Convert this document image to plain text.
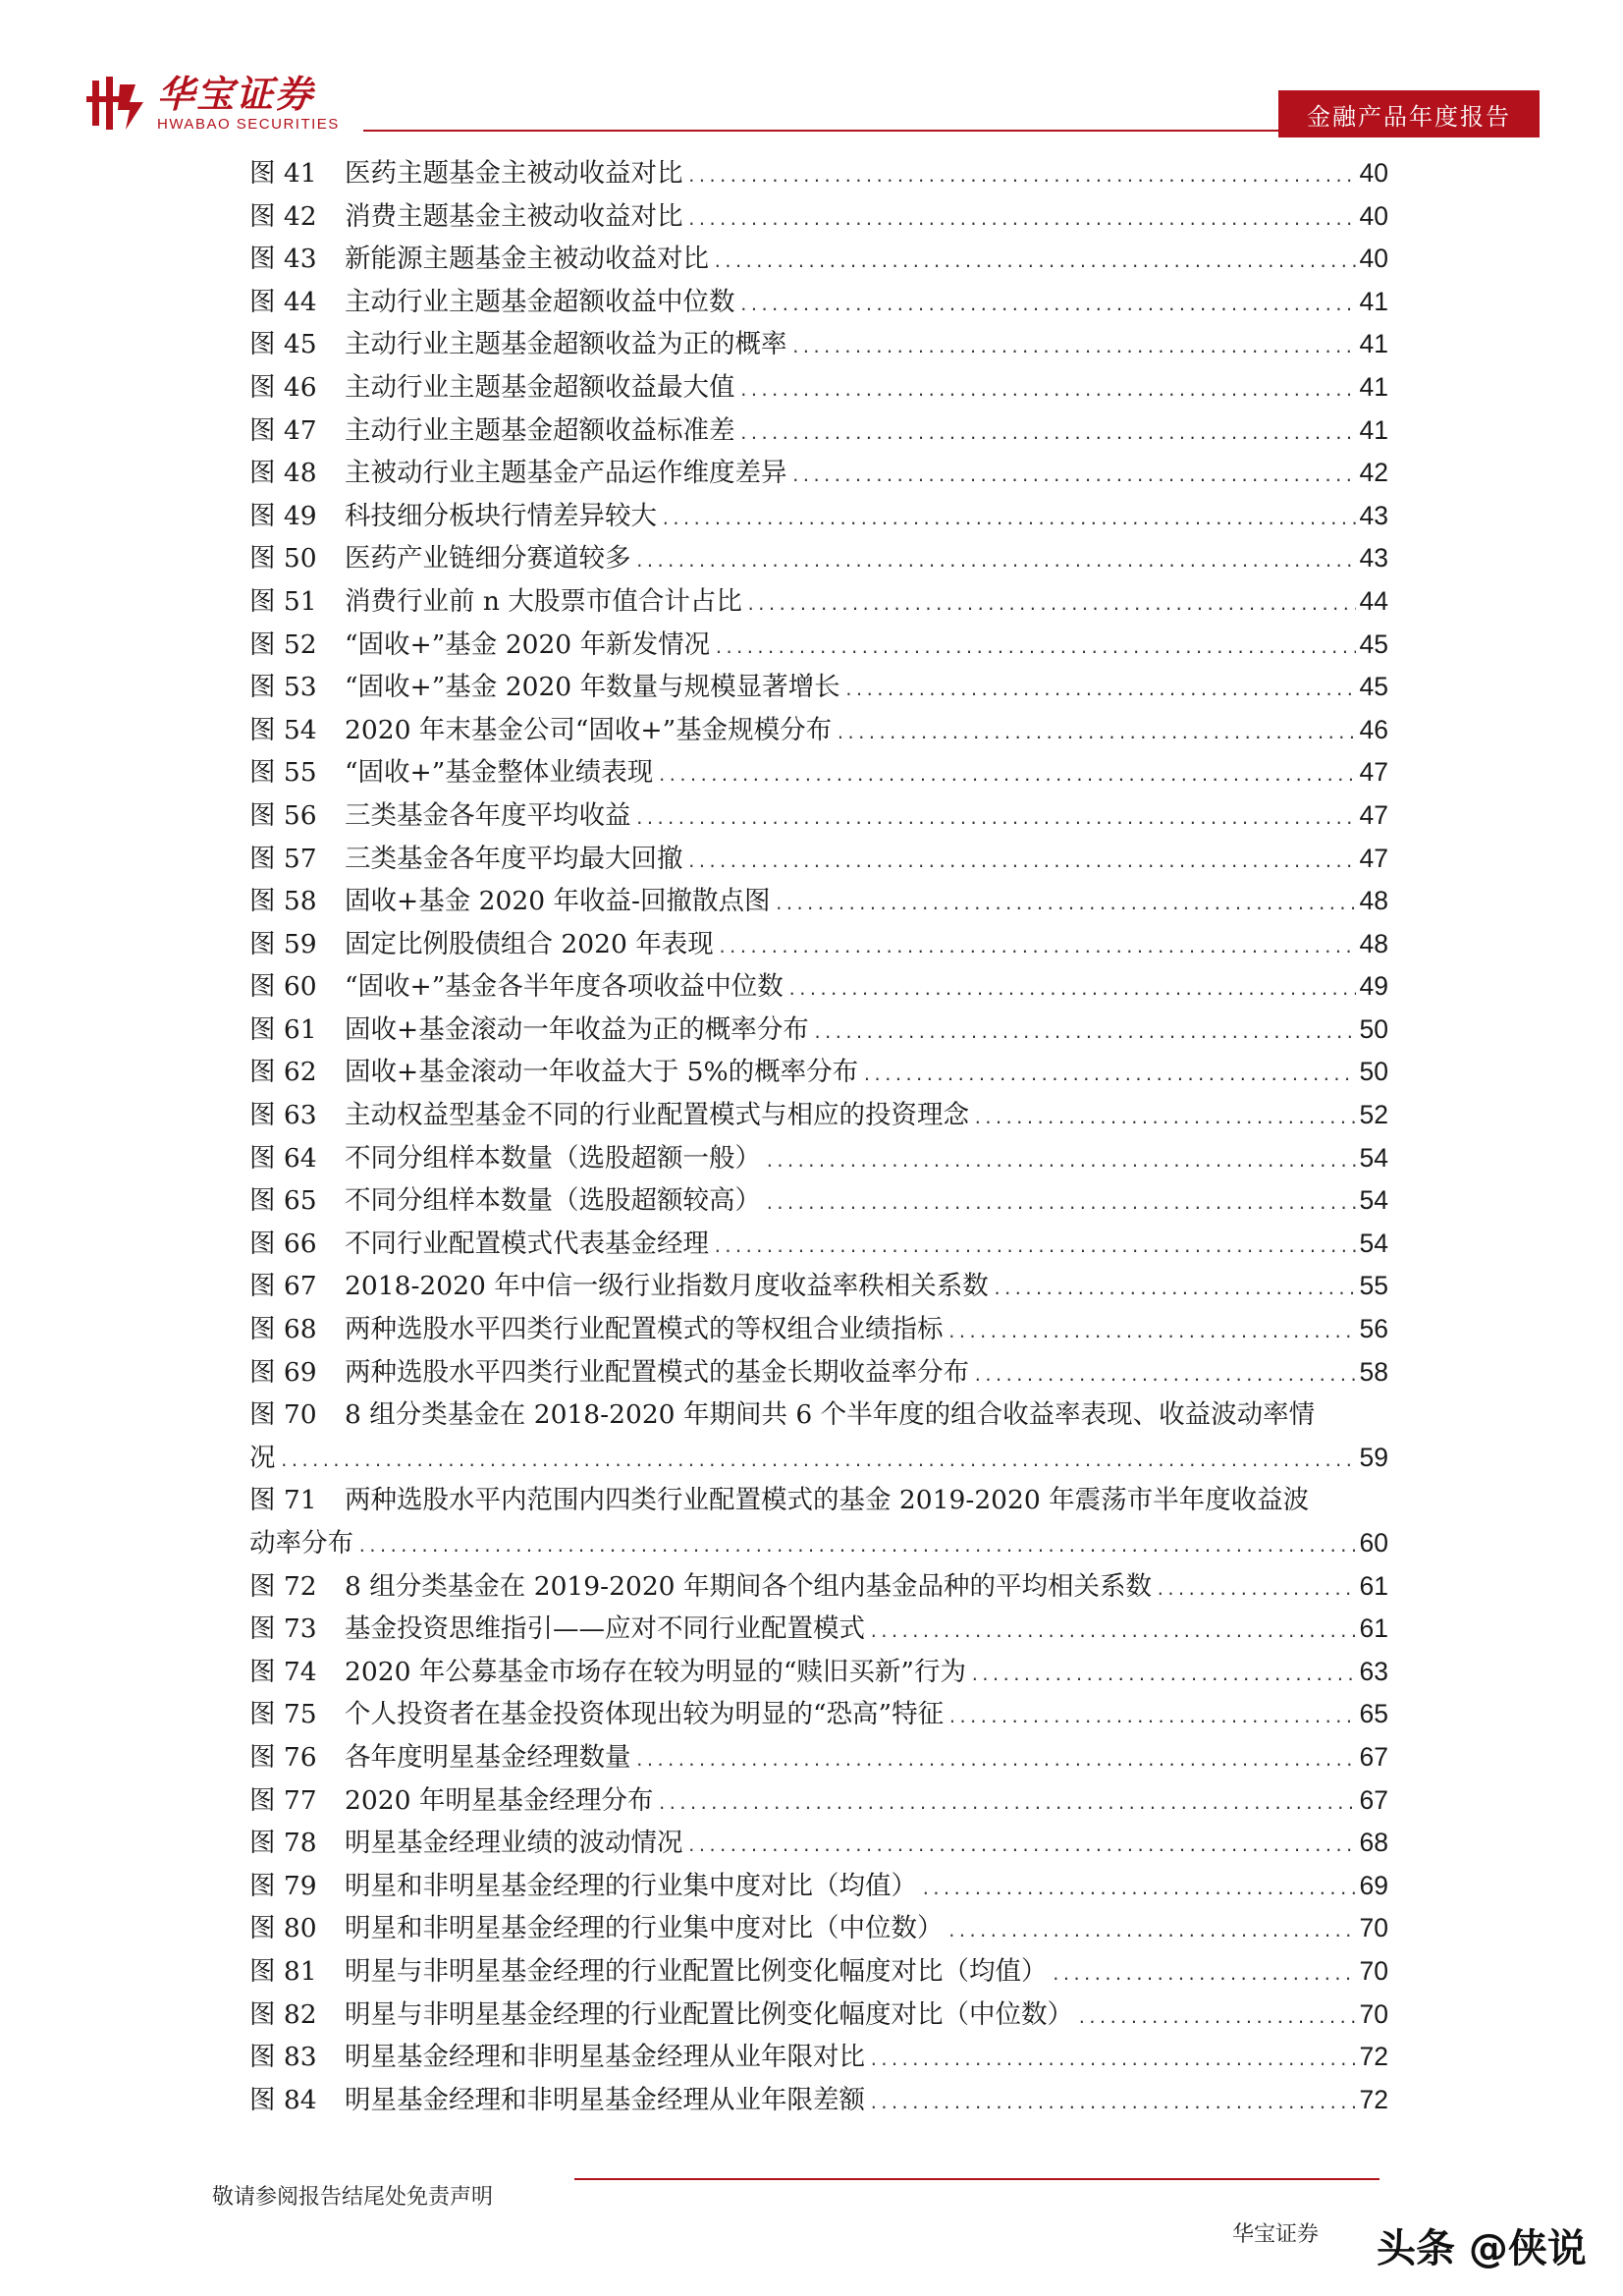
华宝证券
HWABAO SECURITIES	金融产品年度报告
图 41	医药主题基金主被动收益对比 .....	40
图 42	消费主题基金主被动收益对比 .....	40
图 43	新能源主题基金主被动收益对比 .....	40
图 44	主动行业主题基金超额收益中位数 .....	41
图 45	主动行业主题基金超额收益为正的概率 .....	41
图 46	主动行业主题基金超额收益最大值 .....	41
图 47	主动行业主题基金超额收益标准差 .....	41
图 48	主被动行业主题基金产品运作维度差异 .....	42
图 49	科技细分板块行情差异较大 .....	43
图 50	医药产业链细分赛道较多 .....	43
图 51	消费行业前 n 大股票市值合计占比 .....	44
图 52	“固收+”基金 2020 年新发情况 .....	45
图 53	“固收+”基金 2020 年数量与规模显著增长 .....	45
图 54	2020 年末基金公司“固收+”基金规模分布 .....	46
图 55	“固收+”基金整体业绩表现 .....	47
图 56	三类基金各年度平均收益 .....	47
图 57	三类基金各年度平均最大回撤 .....	47
图 58	固收+基金 2020 年收益-回撤散点图 .....	48
图 59	固定比例股债组合 2020 年表现 .....	48
图 60	“固收+”基金各半年度各项收益中位数 .....	49
图 61	固收+基金滚动一年收益为正的概率分布 .....	50
图 62	固收+基金滚动一年收益大于 5%的概率分布 .....	50
图 63	主动权益型基金不同的行业配置模式与相应的投资理念 .....	52
图 64	不同分组样本数量（选股超额一般） .....	54
图 65	不同分组样本数量（选股超额较高） .....	54
图 66	不同行业配置模式代表基金经理 .....	54
图 67	2018-2020 年中信一级行业指数月度收益率秩相关系数 .....	55
图 68	两种选股水平四类行业配置模式的等权组合业绩指标 .....	56
图 69	两种选股水平四类行业配置模式的基金长期收益率分布 .....	58
图 70	8 组分类基金在 2018-2020 年期间共 6 个半年度的组合收益率表现、收益波动率情
况 .....	59
图 71	两种选股水平内范围内四类行业配置模式的基金 2019-2020 年震荡市半年度收益波
动率分布 .....	60
图 72	8 组分类基金在 2019-2020 年期间各个组内基金品种的平均相关系数 .....	61
图 73	基金投资思维指引——应对不同行业配置模式 .....	61
图 74	2020 年公募基金市场存在较为明显的“赎旧买新”行为 .....	63
图 75	个人投资者在基金投资体现出较为明显的“恐高”特征 .....	65
图 76	各年度明星基金经理数量 .....	67
图 77	2020 年明星基金经理分布 .....	67
图 78	明星基金经理业绩的波动情况 .....	68
图 79	明星和非明星基金经理的行业集中度对比（均值） .....	69
图 80	明星和非明星基金经理的行业集中度对比（中位数） .....	70
图 81	明星与非明星基金经理的行业配置比例变化幅度对比（均值） .....	70
图 82	明星与非明星基金经理的行业配置比例变化幅度对比（中位数） .....	70
图 83	明星基金经理和非明星基金经理从业年限对比 .....	72
图 84	明星基金经理和非明星基金经理从业年限差额 .....	72
敬请参阅报告结尾处免责声明
华宝证券 头条 @侠说
